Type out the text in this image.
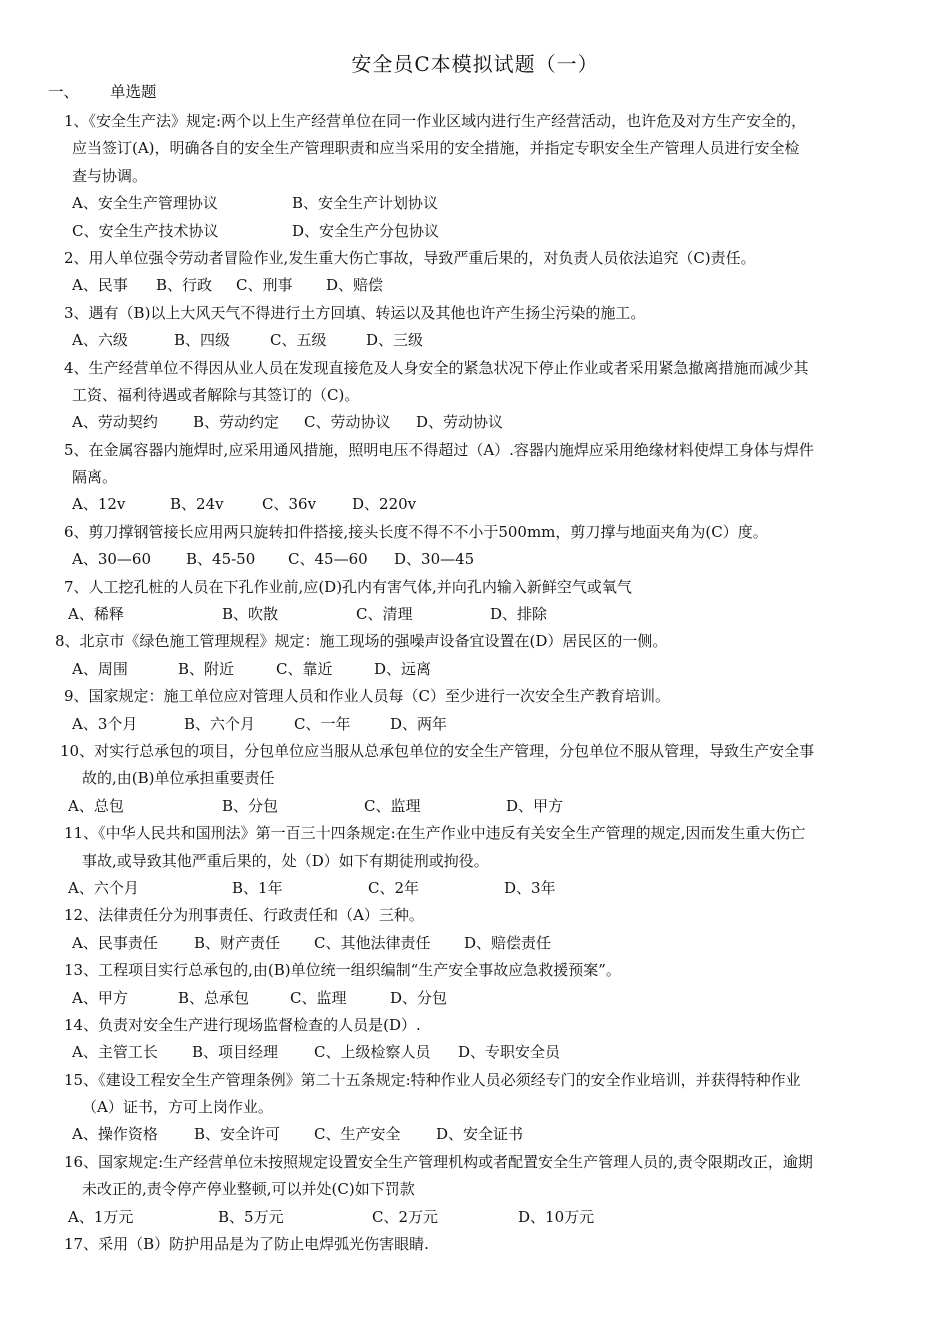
安全员C本模拟试题（一）
一、 单选题
1、《安全生产法》规定:两个以上生产经营单位在同一作业区域内进行生产经营活动，也许危及对方生产安全的，
应当签订(A)，明确各自的安全生产管理职责和应当采用的安全措施，并指定专职安全生产管理人员进行安全检
查与协调。
A、安全生产管理协议	B、安全生产计划协议
C、安全生产技术协议	D、安全生产分包协议
2、用人单位强令劳动者冒险作业,发生重大伤亡事故，导致严重后果的，对负责人员依法追究（C)责任。
A、民事 B、行政 C、刑事 D、赔偿
3、遇有（B)以上大风天气不得进行土方回填、转运以及其他也许产生扬尘污染的施工。
A、六级	B、四级	C、五级	D、三级
4、生产经营单位不得因从业人员在发现直接危及人身安全的紧急状况下停止作业或者采用紧急撤离措施而减少其
工资、福利待遇或者解除与其签订的（C)。
A、劳动契约 B、劳动约定 C、劳动协议 D、劳动协议
5、在金属容器内施焊时,应采用通风措施，照明电压不得超过（A）.容器内施焊应采用绝缘材料使焊工身体与焊件
隔离。
A、12v	B、24v	C、36v D、220v
6、剪刀撑钢管接长应用两只旋转扣件搭接,接头长度不得不不小于500mm，剪刀撑与地面夹角为(C）度。
A、30—60 B、45-50 C、45—60 D、30—45
7、人工挖孔桩的人员在下孔作业前,应(D)孔内有害气体,并向孔内输入新鲜空气或氧气
A、稀释	B、吹散	C、清理	D、排除
8、北京市《绿色施工管理规程》规定：施工现场的强噪声设备宜设置在(D）居民区的一侧。
A、周围	B、附近	C、靠近	D、远离
9、国家规定：施工单位应对管理人员和作业人员每（C）至少进行一次安全生产教育培训。
A、3个月	B、六个月	C、一年	D、两年
10、对实行总承包的项目，分包单位应当服从总承包单位的安全生产管理，分包单位不服从管理，导致生产安全事
故的,由(B)单位承担重要责任
A、总包	B、分包	C、监理	D、甲方
11、《中华人民共和国刑法》第一百三十四条规定:在生产作业中违反有关安全生产管理的规定,因而发生重大伤亡
事故,或导致其他严重后果的，处（D）如下有期徒刑或拘役。
A、六个月	B、1年	C、2年	D、3年
12、法律责任分为刑事责任、行政责任和（A）三种。
A、民事责任 B、财产责任 C、其他法律责任 D、赔偿责任
13、工程项目实行总承包的,由(B)单位统一组织编制“生产安全事故应急救援预案”。
A、甲方	B、总承包	C、监理	D、分包
14、负责对安全生产进行现场监督检查的人员是(D）.
A、主管工长 B、项目经理 C、上级检察人员 D、专职安全员
15、《建设工程安全生产管理条例》第二十五条规定:特种作业人员必须经专门的安全作业培训，并获得特种作业
（A）证书，方可上岗作业。
A、操作资格 B、安全许可 C、生产安全 D、安全证书
16、国家规定:生产经营单位未按照规定设置安全生产管理机构或者配置安全生产管理人员的,责令限期改正，逾期
未改正的,责令停产停业整顿,可以并处(C)如下罚款
A、1万元	B、5万元	C、2万元	D、10万元
17、采用（B）防护用品是为了防止电焊弧光伤害眼睛.
